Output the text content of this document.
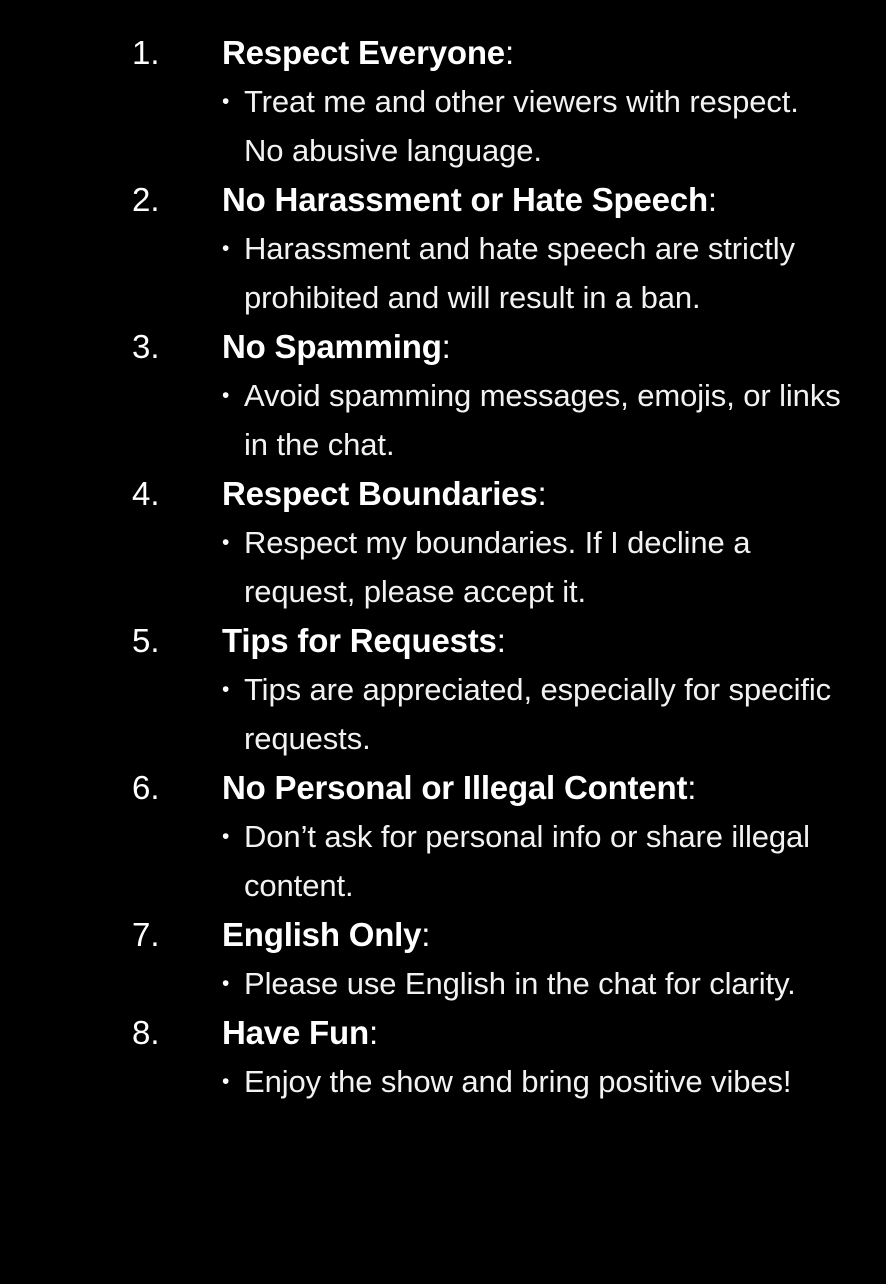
1.	Respect Everyone:
• Treat me and other viewers with respect. No abusive language.
2.	No Harassment or Hate Speech:
• Harassment and hate speech are strictly prohibited and will result in a ban.
3.	No Spamming:
• Avoid spamming messages, emojis, or links in the chat.
4.	Respect Boundaries:
• Respect my boundaries. If I decline a request, please accept it.
5.	Tips for Requests:
• Tips are appreciated, especially for specific requests.
6.	No Personal or Illegal Content:
• Don’t ask for personal info or share illegal content.
7.	English Only:
• Please use English in the chat for clarity.
8.	Have Fun:
• Enjoy the show and bring positive vibes!
